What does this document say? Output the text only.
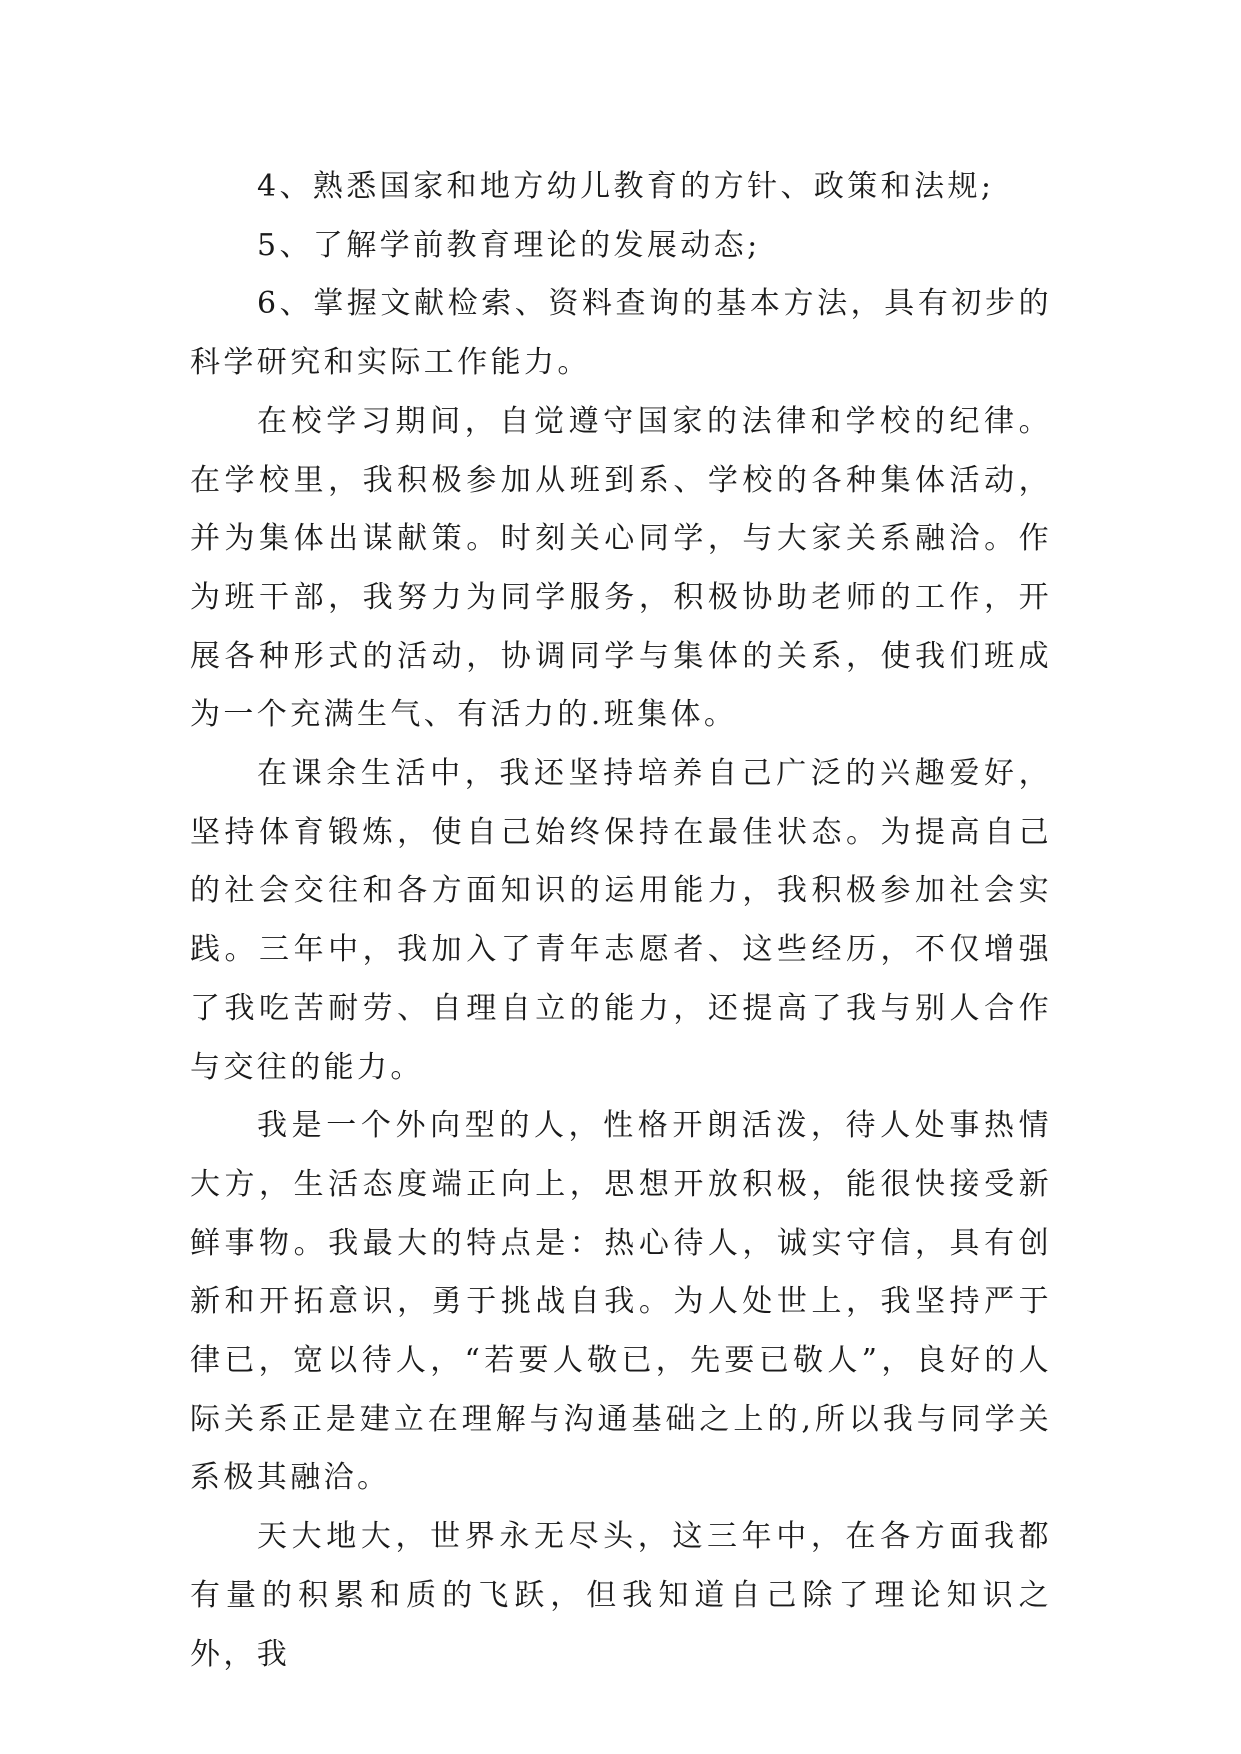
4、熟悉国家和地方幼儿教育的方针、政策和法规;

5、了解学前教育理论的发展动态;

6、掌握文献检索、资料查询的基本方法，具有初步的科学研究和实际工作能力。

在校学习期间，自觉遵守国家的法律和学校的纪律。在学校里，我积极参加从班到系、学校的各种集体活动，并为集体出谋献策。时刻关心同学，与大家关系融洽。作为班干部，我努力为同学服务，积极协助老师的工作，开展各种形式的活动，协调同学与集体的关系，使我们班成为一个充满生气、有活力的.班集体。

在课余生活中，我还坚持培养自己广泛的兴趣爱好，坚持体育锻炼，使自己始终保持在最佳状态。为提高自己的社会交往和各方面知识的运用能力，我积极参加社会实践。三年中，我加入了青年志愿者、这些经历，不仅增强了我吃苦耐劳、自理自立的能力，还提高了我与别人合作与交往的能力。

我是一个外向型的人，性格开朗活泼，待人处事热情大方，生活态度端正向上，思想开放积极，能很快接受新鲜事物。我最大的特点是：热心待人，诚实守信，具有创新和开拓意识，勇于挑战自我。为人处世上，我坚持严于律已，宽以待人，“若要人敬已，先要已敬人”，良好的人际关系正是建立在理解与沟通基础之上的,所以我与同学关系极其融洽。

天大地大，世界永无尽头，这三年中，在各方面我都有量的积累和质的飞跃，但我知道自己除了理论知识之外，我
